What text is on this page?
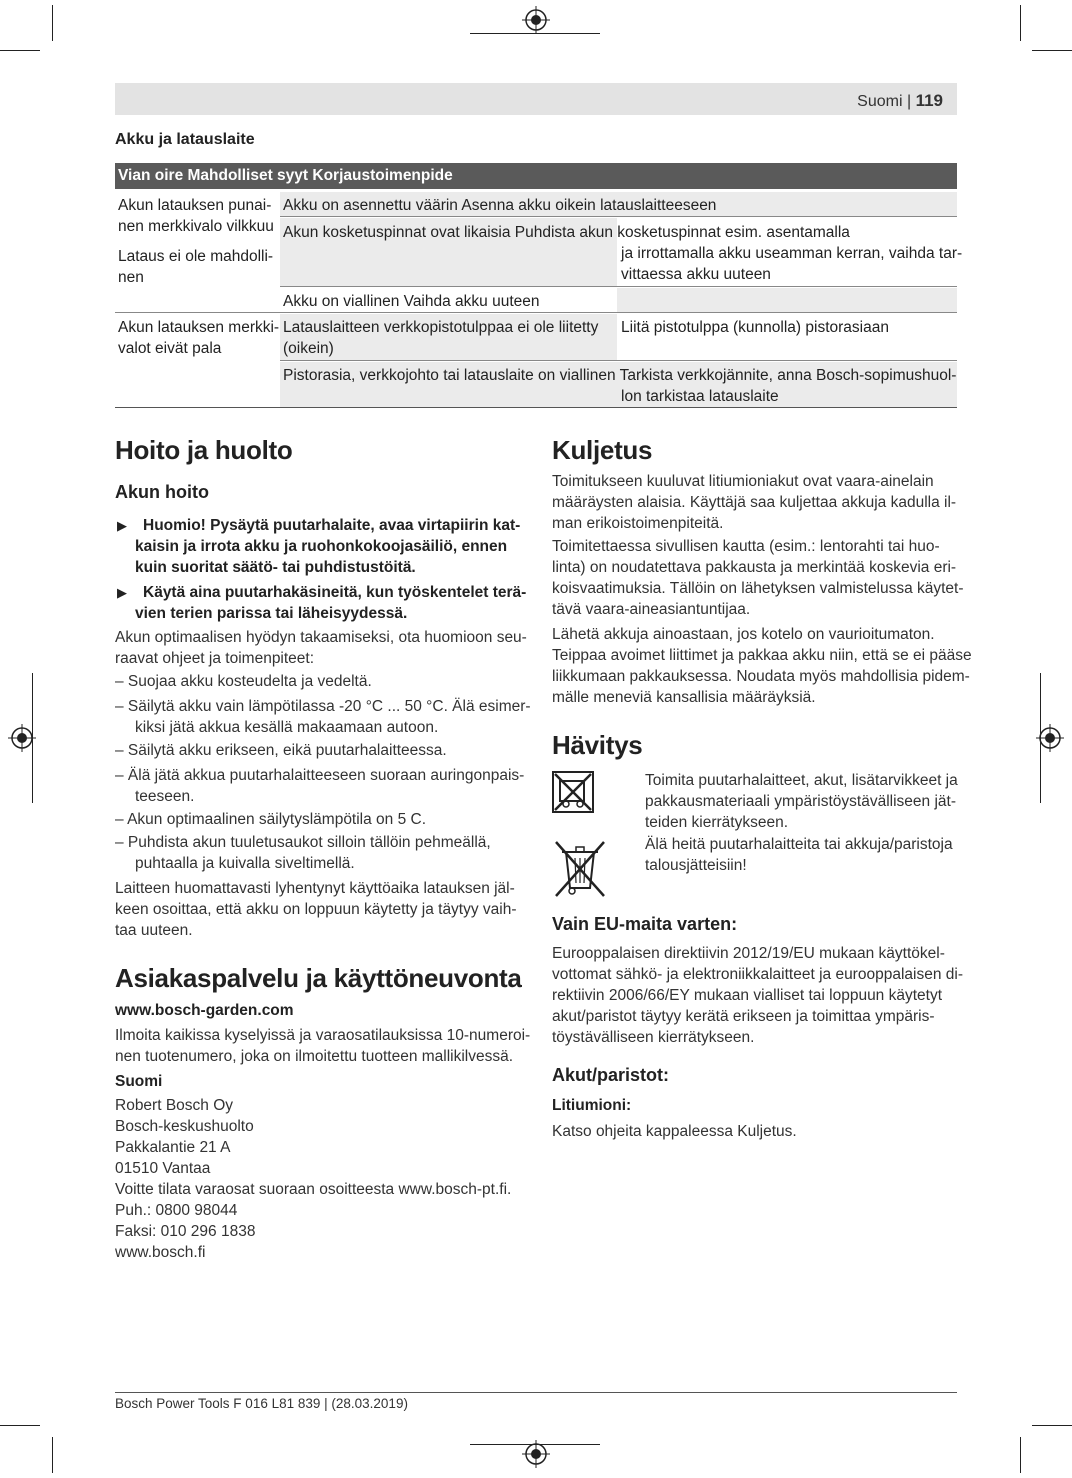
Suomi | 119
Akku ja latauslaite
Vian oire Mahdolliset syyt Korjaustoimenpide
Akun latauksen punai-
nen merkkivalo vilkkuu
Lataus ei ole mahdolli-
nen
Akku on asennettu väärin Asenna akku oikein latauslaitteeseen
Akun kosketuspinnat ovat likaisia Puhdista akun kosketuspinnat esim. asentamalla
ja irrottamalla akku useamman kerran, vaihda tar-
vittaessa akku uuteen
Akku on viallinen Vaihda akku uuteen
Akun latauksen merkki-
valot eivät pala
Latauslaitteen verkkopistotulppaa ei ole liitetty
(oikein)
Liitä pistotulppa (kunnolla) pistorasiaan
Pistorasia, verkkojohto tai latauslaite on viallinen Tarkista verkkojännite, anna Bosch-sopimushuol-
lon tarkistaa latauslaite
Hoito ja huolto
Akun hoito
▶ Huomio! Pysäytä puutarhalaite, avaa virtapiirin kat-
kaisin ja irrota akku ja ruohonkokoojasäiliö, ennen
kuin suoritat säätö- tai puhdistustöitä.
▶ Käytä aina puutarhakäsineitä, kun työskentelet terä-
vien terien parissa tai läheisyydessä.
Akun optimaalisen hyödyn takaamiseksi, ota huomioon seu-
raavat ohjeet ja toimenpiteet:
– Suojaa akku kosteudelta ja vedeltä.
– Säilytä akku vain lämpötilassa -20 °C ... 50 °C. Älä esimer-
kiksi jätä akkua kesällä makaamaan autoon.
– Säilytä akku erikseen, eikä puutarhalaitteessa.
– Älä jätä akkua puutarhalaitteeseen suoraan auringonpais-
teeseen.
– Akun optimaalinen säilytyslämpötila on 5 C.
– Puhdista akun tuuletusaukot silloin tällöin pehmeällä,
puhtaalla ja kuivalla siveltimellä.
Laitteen huomattavasti lyhentynyt käyttöaika latauksen jäl-
keen osoittaa, että akku on loppuun käytetty ja täytyy vaih-
taa uuteen.
Asiakaspalvelu ja käyttöneuvonta
www.bosch-garden.com
Ilmoita kaikissa kyselyissä ja varaosatilauksissa 10-numeroi-
nen tuotenumero, joka on ilmoitettu tuotteen mallikilvessä.
Suomi
Robert Bosch Oy
Bosch-keskushuolto
Pakkalantie 21 A
01510 Vantaa
Voitte tilata varaosat suoraan osoitteesta www.bosch-pt.fi.
Puh.: 0800 98044
Faksi: 010 296 1838
www.bosch.fi
Kuljetus
Toimitukseen kuuluvat litiumioniakut ovat vaara-ainelain
määräysten alaisia. Käyttäjä saa kuljettaa akkuja kadulla il-
man erikoistoimenpiteitä.
Toimitettaessa sivullisen kautta (esim.: lentorahti tai huo-
linta) on noudatettava pakkausta ja merkintää koskevia eri-
koisvaatimuksia. Tällöin on lähetyksen valmistelussa käytet-
tävä vaara-aineasiantuntijaa.
Lähetä akkuja ainoastaan, jos kotelo on vaurioitumaton.
Teippaa avoimet liittimet ja pakkaa akku niin, että se ei pääse
liikkumaan pakkauksessa. Noudata myös mahdollisia pidem-
mälle meneviä kansallisia määräyksiä.
Hävitys
Toimita puutarhalaitteet, akut, lisätarvikkeet ja
pakkausmateriaali ympäristöystävälliseen jät-
teiden kierrätykseen.
Älä heitä puutarhalaitteita tai akkuja/paristoja
talousjätteisiin!
Vain EU-maita varten:
Eurooppalaisen direktiivin 2012/19/EU mukaan käyttökel-
vottomat sähkö- ja elektroniikkalaitteet ja eurooppalaisen di-
rektiivin 2006/66/EY mukaan vialliset tai loppuun käytetyt
akut/paristot täytyy kerätä erikseen ja toimittaa ympäris-
töystävälliseen kierrätykseen.
Akut/paristot:
Litiumioni:
Katso ohjeita kappaleessa Kuljetus.
Bosch Power Tools F 016 L81 839 | (28.03.2019)
